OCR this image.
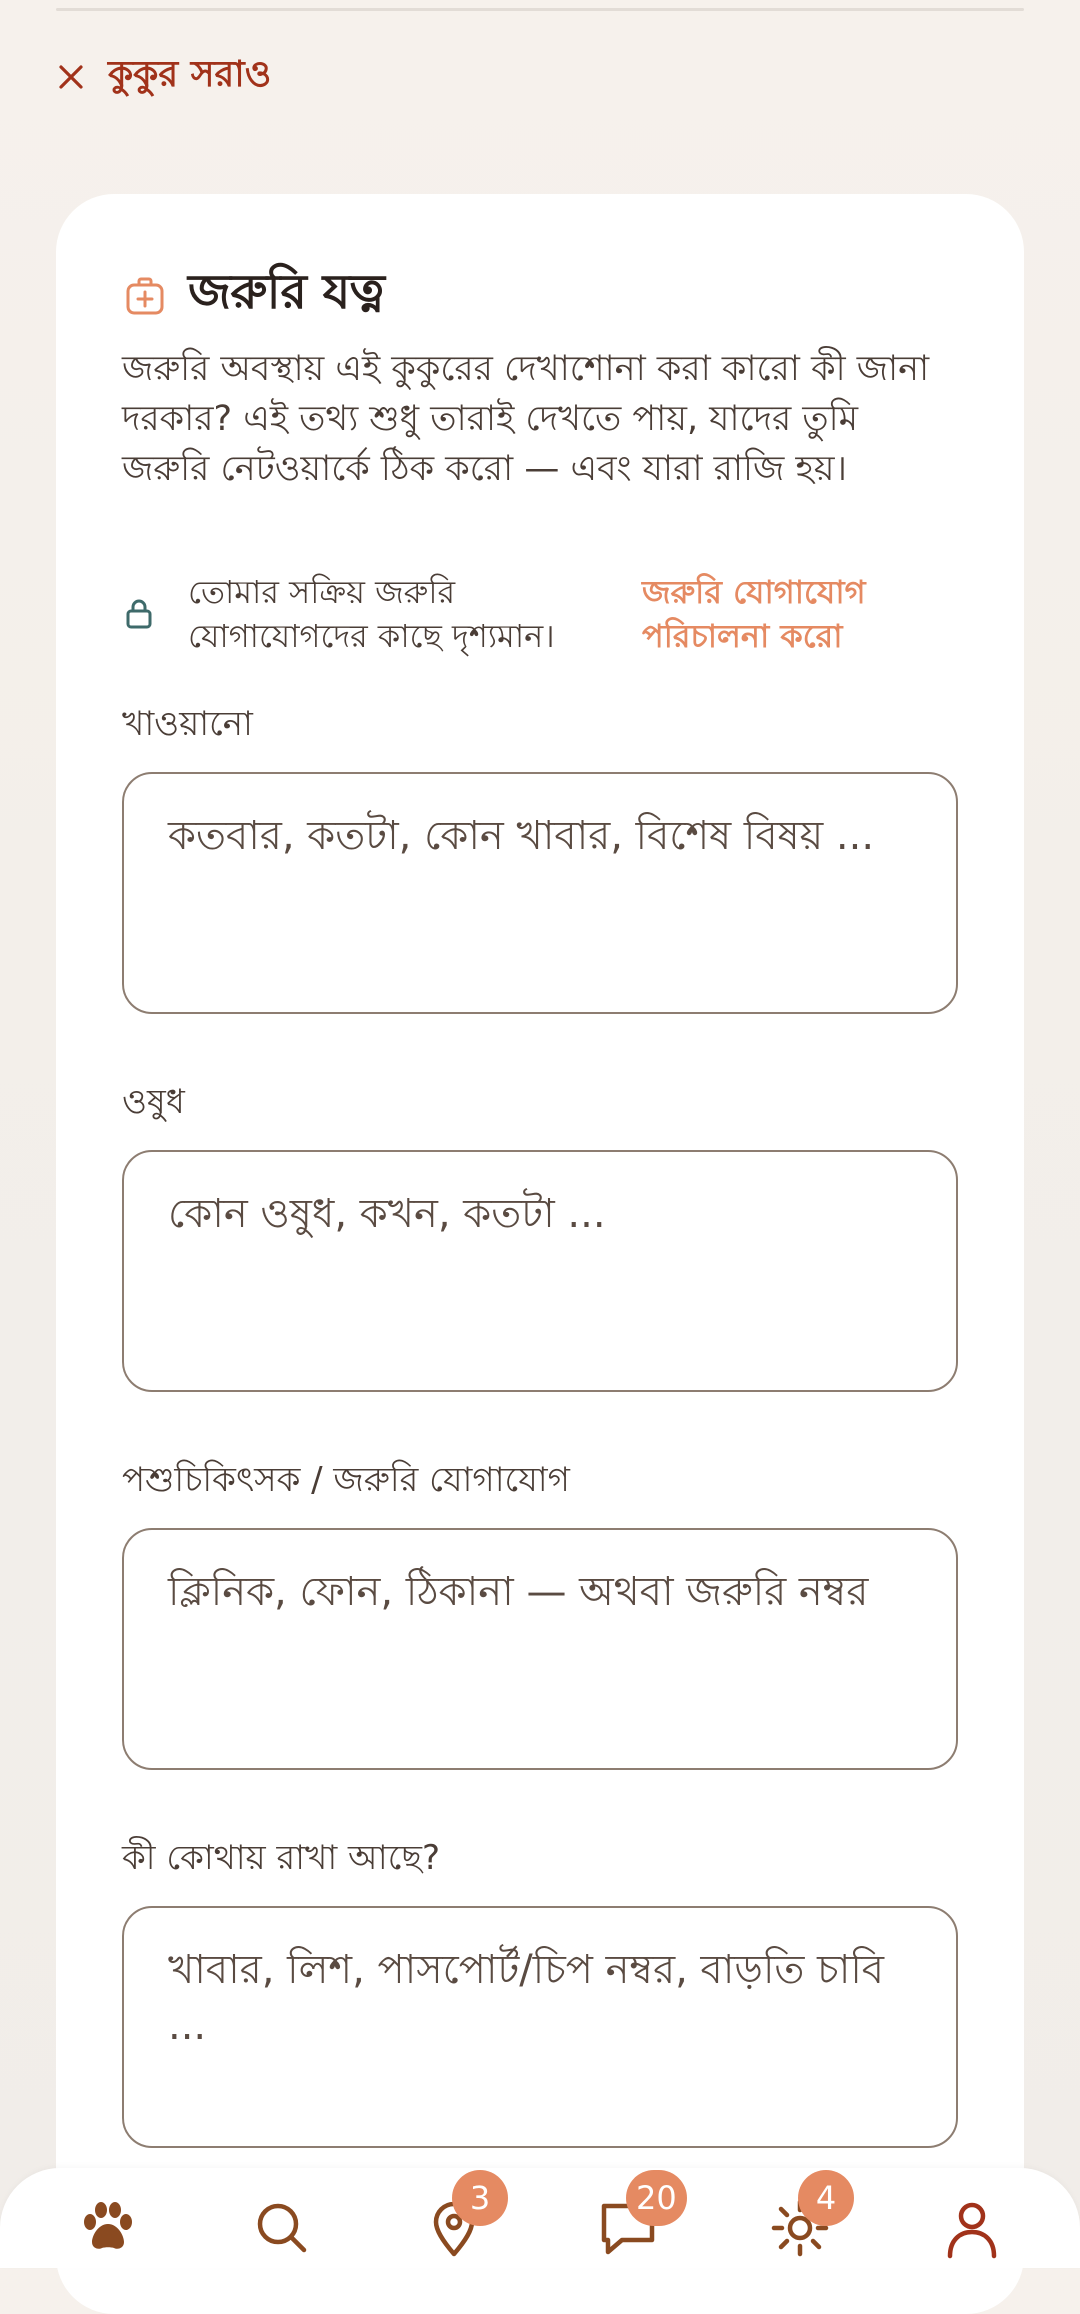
কুকুর সরাও
জরুরি যত্ন

জরুরি অবস্থায় এই কুকুরের দেখাশোনা করা কারো কী জানা দরকার? এই তথ্য শুধু তারাই দেখতে পায়, যাদের তুমি জরুরি নেটওয়ার্কে ঠিক করো — এবং যারা রাজি হয়।

তোমার সক্রিয় জরুরি যোগাযোগদের কাছে দৃশ্যমান।
জরুরি যোগাযোগ পরিচালনা করো
খাওয়ানো
কতবার, কতটা, কোন খাবার, বিশেষ বিষয় ...
ওষুধ
কোন ওষুধ, কখন, কতটা ...
পশুচিকিৎসক / জরুরি যোগাযোগ
ক্লিনিক, ফোন, ঠিকানা — অথবা জরুরি নম্বর
কী কোথায় রাখা আছে?
খাবার, লিশ, পাসপোর্ট/চিপ নম্বর, বাড়তি চাবি ...
3	20	4
